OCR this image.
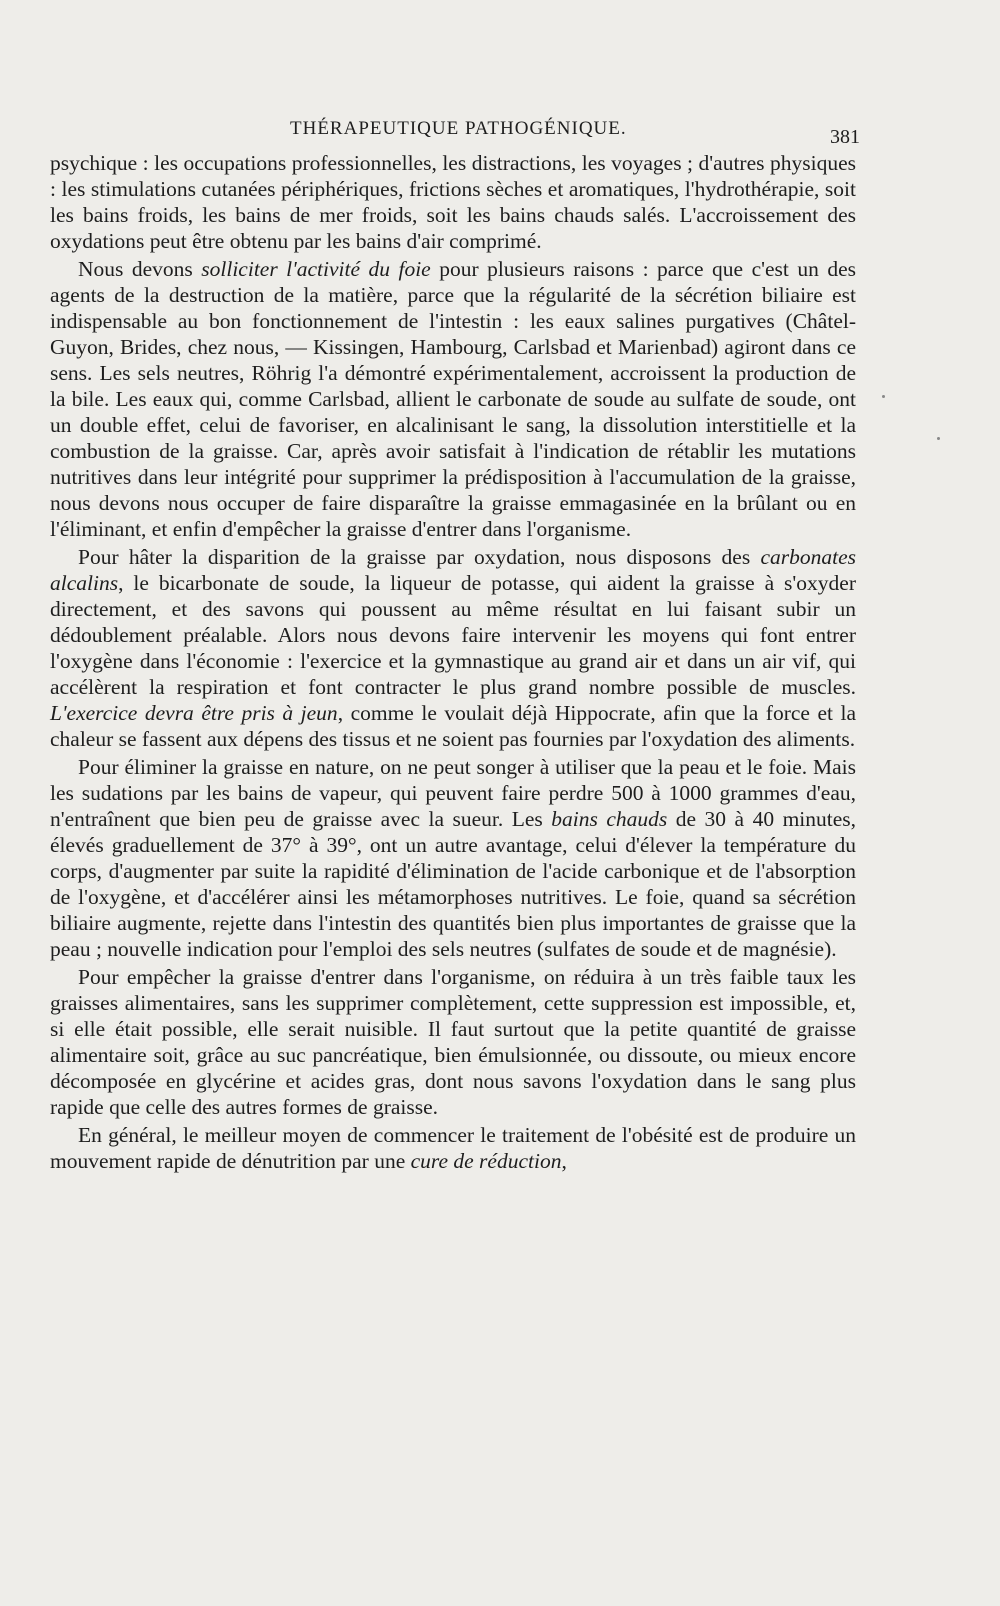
THÉRAPEUTIQUE PATHOGÉNIQUE.	381

psychique : les occupations professionnelles, les distractions, les voyages ; d'autres physiques : les stimulations cutanées périphériques, frictions sèches et aromatiques, l'hydrothérapie, soit les bains froids, les bains de mer froids, soit les bains chauds salés. L'accroissement des oxydations peut être obtenu par les bains d'air comprimé.

Nous devons solliciter l'activité du foie pour plusieurs raisons : parce que c'est un des agents de la destruction de la matière, parce que la régularité de la sécrétion biliaire est indispensable au bon fonctionnement de l'intestin : les eaux salines purgatives (Châtel-Guyon, Brides, chez nous, — Kissingen, Hambourg, Carlsbad et Marienbad) agiront dans ce sens. Les sels neutres, Röhrig l'a démontré expérimentalement, accroissent la production de la bile. Les eaux qui, comme Carlsbad, allient le carbonate de soude au sulfate de soude, ont un double effet, celui de favoriser, en alcalinisant le sang, la dissolution interstitielle et la combustion de la graisse. Car, après avoir satisfait à l'indication de rétablir les mutations nutritives dans leur intégrité pour supprimer la prédisposition à l'accumulation de la graisse, nous devons nous occuper de faire disparaître la graisse emmagasinée en la brûlant ou en l'éliminant, et enfin d'empêcher la graisse d'entrer dans l'organisme.

Pour hâter la disparition de la graisse par oxydation, nous disposons des carbonates alcalins, le bicarbonate de soude, la liqueur de potasse, qui aident la graisse à s'oxyder directement, et des savons qui poussent au même résultat en lui faisant subir un dédoublement préalable. Alors nous devons faire intervenir les moyens qui font entrer l'oxygène dans l'économie : l'exercice et la gymnastique au grand air et dans un air vif, qui accélèrent la respiration et font contracter le plus grand nombre possible de muscles. L'exercice devra être pris à jeun, comme le voulait déjà Hippocrate, afin que la force et la chaleur se fassent aux dépens des tissus et ne soient pas fournies par l'oxydation des aliments.

Pour éliminer la graisse en nature, on ne peut songer à utiliser que la peau et le foie. Mais les sudations par les bains de vapeur, qui peuvent faire perdre 500 à 1000 grammes d'eau, n'entraînent que bien peu de graisse avec la sueur. Les bains chauds de 30 à 40 minutes, élevés graduellement de 37° à 39°, ont un autre avantage, celui d'élever la température du corps, d'augmenter par suite la rapidité d'élimination de l'acide carbonique et de l'absorption de l'oxygène, et d'accélérer ainsi les métamorphoses nutritives. Le foie, quand sa sécrétion biliaire augmente, rejette dans l'intestin des quantités bien plus importantes de graisse que la peau ; nouvelle indication pour l'emploi des sels neutres (sulfates de soude et de magnésie).

Pour empêcher la graisse d'entrer dans l'organisme, on réduira à un très faible taux les graisses alimentaires, sans les supprimer complètement, cette suppression est impossible, et, si elle était possible, elle serait nuisible. Il faut surtout que la petite quantité de graisse alimentaire soit, grâce au suc pancréatique, bien émulsionnée, ou dissoute, ou mieux encore décomposée en glycérine et acides gras, dont nous savons l'oxydation dans le sang plus rapide que celle des autres formes de graisse.

En général, le meilleur moyen de commencer le traitement de l'obésité est de produire un mouvement rapide de dénutrition par une cure de réduction,
